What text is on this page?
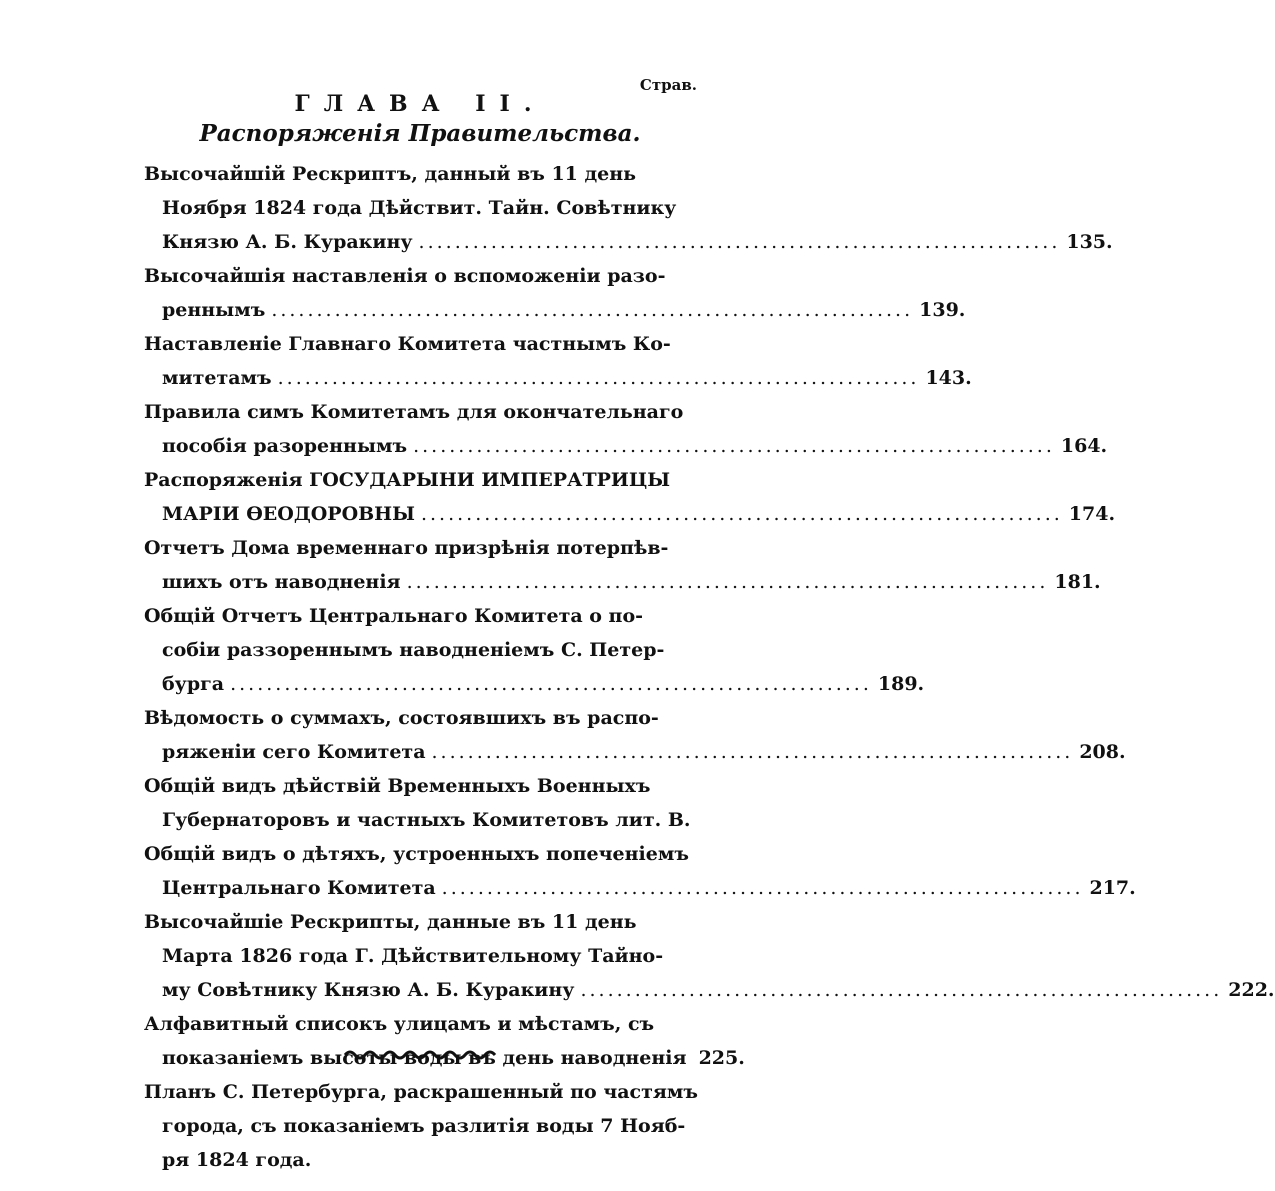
Страв.
ГЛАВА II.
Распоряженія Правительства.
Высочайшій Рескриптъ, данный въ 11 день
Ноября 1824 года Дѣйствит. Тайн. Совѣтнику
Князю А. Б. Куракину ....................................................................... 135.
Высочайшія наставленія о вспоможеніи разо-
реннымъ ....................................................................... 139.
Наставленіе Главнаго Комитета частнымъ Ко-
митетамъ ....................................................................... 143.
Правила симъ Комитетамъ для окончательнаго
пособія разореннымъ ....................................................................... 164.
Распоряженія ГОСУДАРЫНИ ИМПЕРАТРИЦЫ
МАРІИ ѲЕОДОРОВНЫ ....................................................................... 174.
Отчетъ Дома временнаго призрѣнія потерпѣв-
шихъ отъ наводненія ....................................................................... 181.
Общій Отчетъ Центральнаго Комитета о по-
собіи раззореннымъ наводненіемъ С. Петер-
бурга ....................................................................... 189.
Вѣдомость о суммахъ, состоявшихъ въ распо-
ряженіи сего Комитета ....................................................................... 208.
Общій видъ дѣйствій Временныхъ Военныхъ
Губернаторовъ и частныхъ Комитетовъ лит. В.
Общій видъ о дѣтяхъ, устроенныхъ попеченіемъ
Центральнаго Комитета ....................................................................... 217.
Высочайшіе Рескрипты, данные въ 11 день
Марта 1826 года Г. Дѣйствительному Тайно-
му Совѣтнику Князю А. Б. Куракину ....................................................................... 222.
Алфавитный списокъ улицамъ и мѣстамъ, съ
показаніемъ высоты воды въ день наводненія 225.
Планъ С. Петербурга, раскрашенный по частямъ
города, съ показаніемъ разлитія воды 7 Нояб-
ря 1824 года.
